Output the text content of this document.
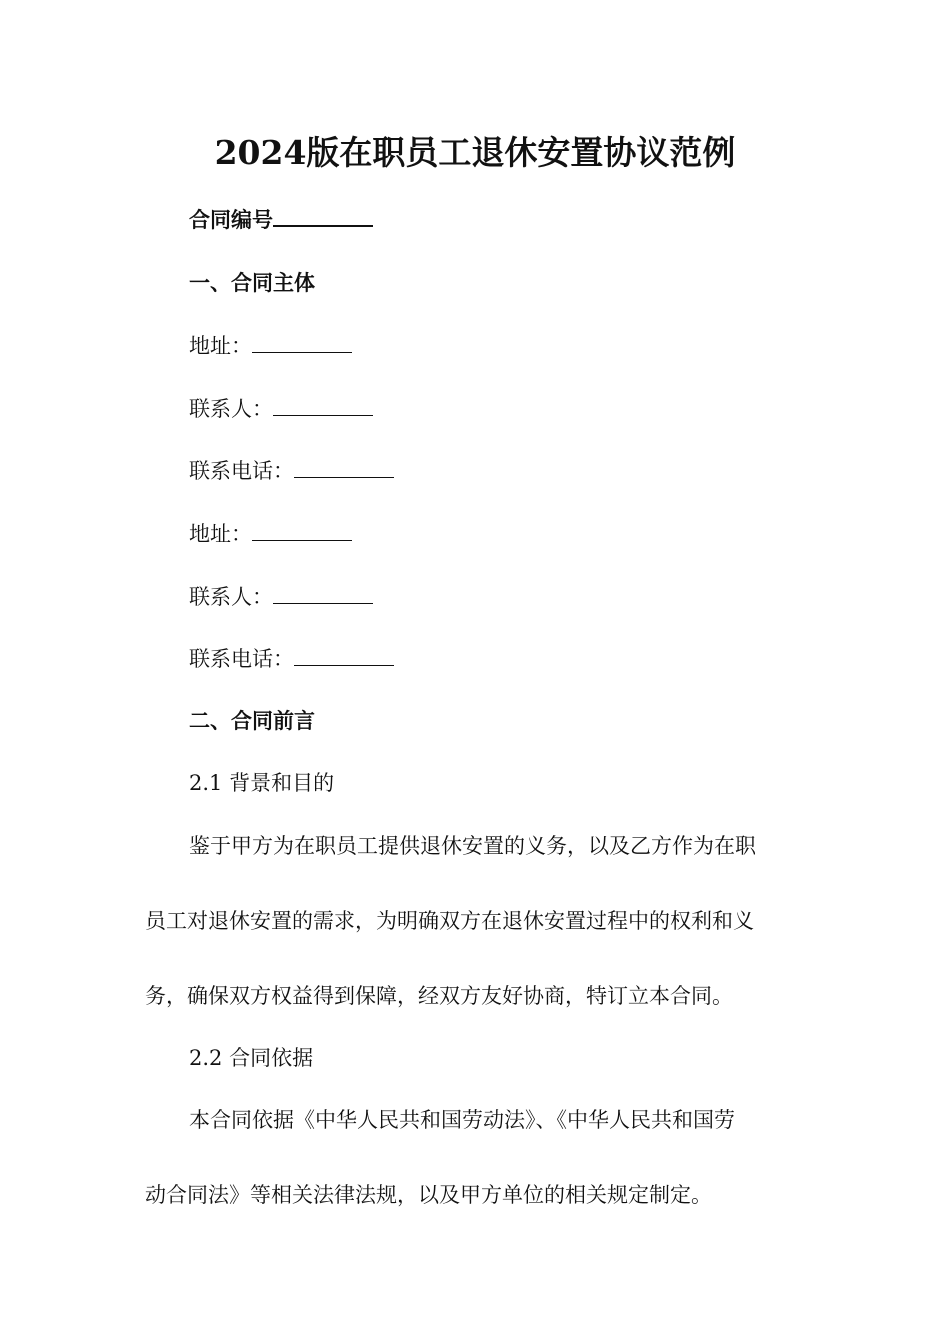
2024版在职员工退休安置协议范例
合同编号
一、合同主体
地址：
联系人：
联系电话：
地址：
联系人：
联系电话：
二、合同前言
2.1 背景和目的
鉴于甲方为在职员工提供退休安置的义务，以及乙方作为在职
员工对退休安置的需求，为明确双方在退休安置过程中的权利和义
务，确保双方权益得到保障，经双方友好协商，特订立本合同。
2.2 合同依据
本合同依据《中华人民共和国劳动法》、《中华人民共和国劳
动合同法》等相关法律法规，以及甲方单位的相关规定制定。
